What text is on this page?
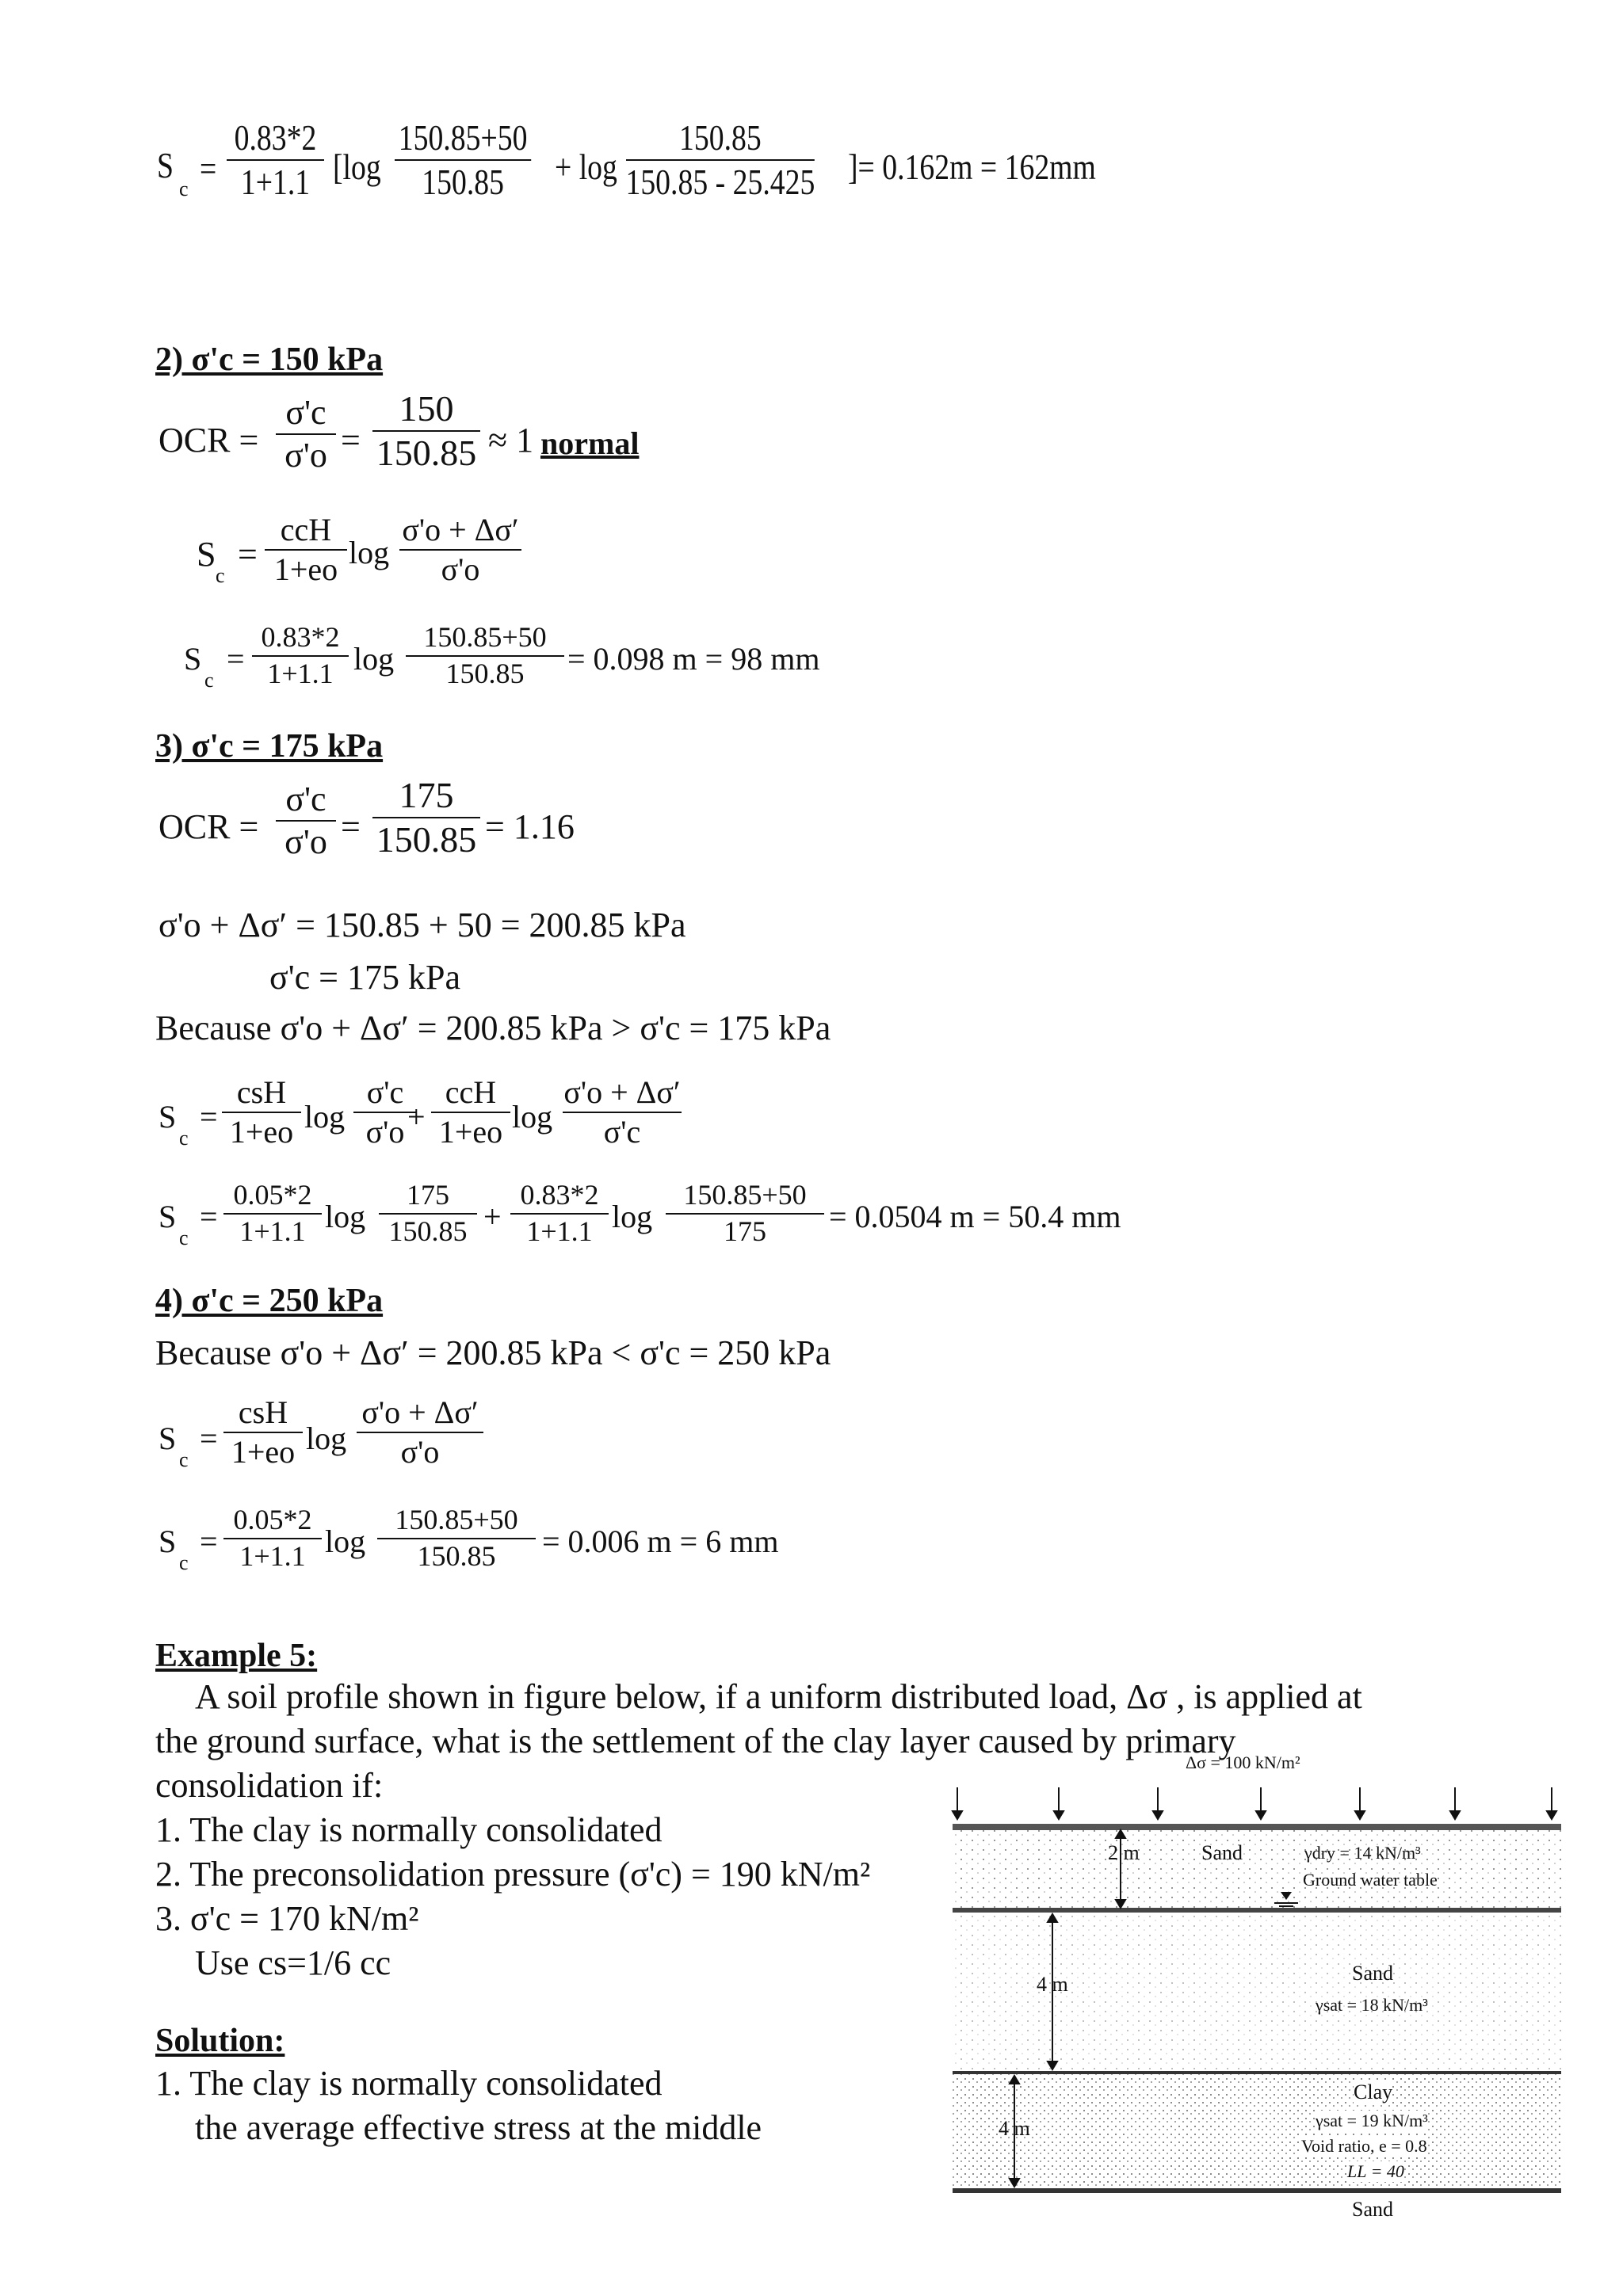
S
c
=
0.83*2
1+1.1 [log
150.85+50
150.85 + log
150.85
150.85 - 25.425 ]= 0.162m = 162mm
2) σ'c = 150 kPa
OCR =
σ'c
σ'o =
150
150.85 ≈ 1 normal
S
c
=
ccH
1+eo log
σ'o + Δσ′
σ'o
S
c
=
0.83*2
1+1.1 log
150.85+50
150.85 = 0.098 m = 98 mm
3) σ'c = 175 kPa
OCR =
σ'c
σ'o =
175
150.85 = 1.16
σ'o + Δσ′ = 150.85 + 50 = 200.85 kPa
σ'c = 175 kPa
Because σ'o + Δσ′ = 200.85 kPa > σ'c = 175 kPa
S
c
=
csH
1+eo log
σ'c
σ'o +
ccH
1+eo log
σ'o + Δσ′
σ'c
S
c
=
0.05*2
1+1.1 log
175
150.85 +
0.83*2
1+1.1 log
150.85+50
175 = 0.0504 m = 50.4 mm
4) σ'c = 250 kPa
Because σ'o + Δσ′ = 200.85 kPa < σ'c = 250 kPa
S
c
=
csH
1+eo log
σ'o + Δσ′
σ'o
S
c
=
0.05*2
1+1.1 log
150.85+50
150.85 = 0.006 m = 6 mm
Example 5:
A soil profile shown in figure below, if a uniform distributed load, Δσ , is applied at
the ground surface, what is the settlement of the clay layer caused by primary
consolidation if:
1. The clay is normally consolidated
2. The preconsolidation pressure (σ'c) = 190 kN/m²
3. σ'c = 170 kN/m²
Use cs=1/6 cc
Solution:
1. The clay is normally consolidated
the average effective stress at the middle
Δσ = 100 kN/m²
2 m	Sand	γdry = 14 kN/m³
Ground water table
4 m	Sand
γsat = 18 kN/m³
4 m
Clay
γsat = 19 kN/m³
Void ratio, e = 0.8
LL = 40
Sand
